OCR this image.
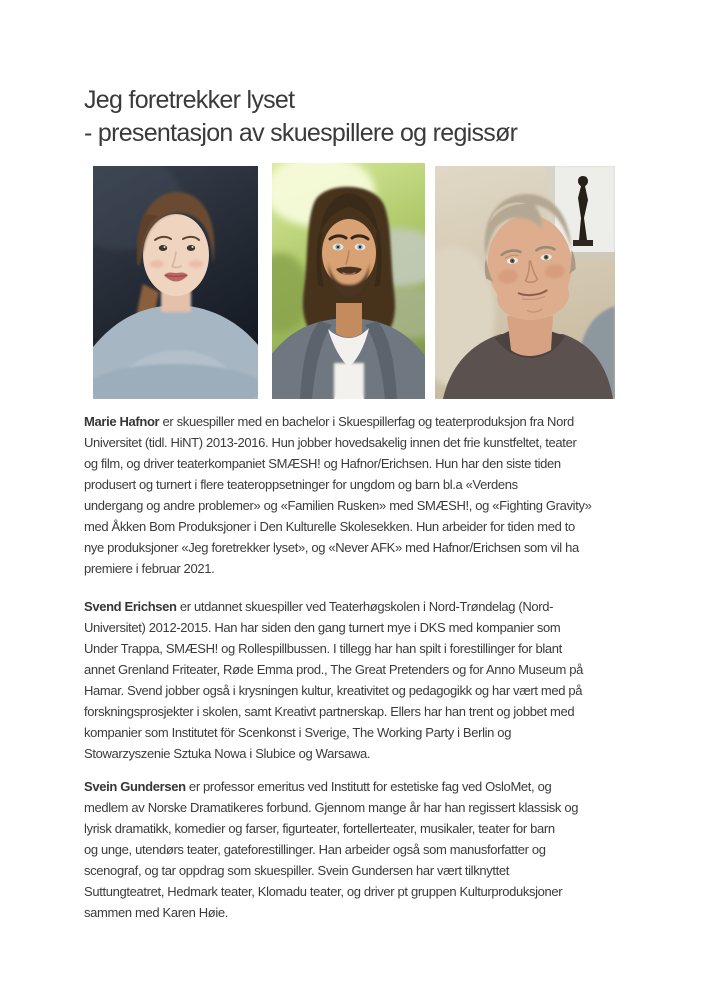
Jeg foretrekker lyset
- presentasjon av skuespillere og regissør
Marie Hafnor er skuespiller med en bachelor i Skuespillerfag og teaterproduksjon fra Nord
Universitet (tidl. HiNT) 2013-2016. Hun jobber hovedsakelig innen det frie kunstfeltet, teater
og film, og driver teaterkompaniet SMÆSH! og Hafnor/Erichsen. Hun har den siste tiden
produsert og turnert i flere teateroppsetninger for ungdom og barn bl.a «Verdens
undergang og andre problemer» og «Familien Rusken» med SMÆSH!, og «Fighting Gravity»
med Åkken Bom Produksjoner i Den Kulturelle Skolesekken. Hun arbeider for tiden med to
nye produksjoner «Jeg foretrekker lyset», og «Never AFK» med Hafnor/Erichsen som vil ha
premiere i februar 2021.
Svend Erichsen er utdannet skuespiller ved Teaterhøgskolen i Nord-Trøndelag (Nord-
Universitet) 2012-2015. Han har siden den gang turnert mye i DKS med kompanier som
Under Trappa, SMÆSH! og Rollespillbussen. I tillegg har han spilt i forestillinger for blant
annet Grenland Friteater, Røde Emma prod., The Great Pretenders og for Anno Museum på
Hamar. Svend jobber også i krysningen kultur, kreativitet og pedagogikk og har vært med på
forskningsprosjekter i skolen, samt Kreativt partnerskap. Ellers har han trent og jobbet med
kompanier som Institutet för Scenkonst i Sverige, The Working Party i Berlin og
Stowarzyszenie Sztuka Nowa i Slubice og Warsawa.
Svein Gundersen er professor emeritus ved Institutt for estetiske fag ved OsloMet, og
medlem av Norske Dramatikeres forbund. Gjennom mange år har han regissert klassisk og
lyrisk dramatikk, komedier og farser, figurteater, fortellerteater, musikaler, teater for barn
og unge, utendørs teater, gateforestillinger. Han arbeider også som manusforfatter og
scenograf, og tar oppdrag som skuespiller. Svein Gundersen har vært tilknyttet
Suttungteatret, Hedmark teater, Klomadu teater, og driver pt gruppen Kulturproduksjoner
sammen med Karen Høie.
